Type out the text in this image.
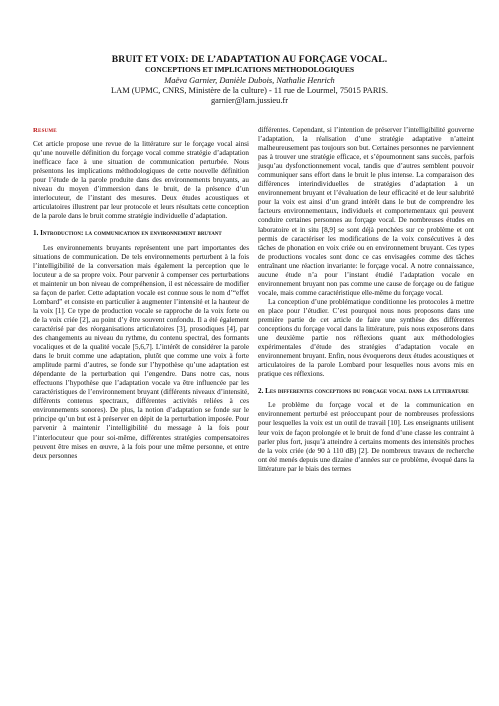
BRUIT ET VOIX: DE L’ADAPTATION AU FORÇAGE VOCAL.
CONCEPTIONS ET IMPLICATIONS METHODOLOGIQUES
Maëva Garnier, Danièle Dubois, Nathalie Henrich
LAM (UPMC, CNRS, Ministère de la culture) - 11 rue de Lourmel, 75015 PARIS.
garnier@lam.jussieu.fr
Resume

Cet article propose une revue de la littérature sur le forçage vocal ainsi qu’une nouvelle définition du forçage vocal comme stratégie d’adaptation inefficace face à une situation de communication perturbée. Nous présentons les implications méthodologiques de cette nouvelle définition pour l’étude de la parole produite dans des environnements bruyants, au niveau du moyen d’immersion dans le bruit, de la présence d’un interlocuteur, de l’instant des mesures. Deux études acoustiques et articulatoires illustrent par leur protocole et leurs résultats cette conception de la parole dans le bruit comme stratégie individuelle d’adaptation.

1. Introduction: la communication en environnement bruyant

Les environnements bruyants représentent une part importantes des situations de communication. De tels environnements perturbent à la fois l’intelligibilité de la conversation mais également la perception que le locuteur a de sa propre voix. Pour parvenir à compenser ces perturbations et maintenir un bon niveau de compréhension, il est nécessaire de modifier sa façon de parler. Cette adaptation vocale est connue sous le nom d’“effet Lombard” et consiste en particulier à augmenter l’intensité et la hauteur de la voix [1]. Ce type de production vocale se rapproche de la voix forte ou de la voix criée [2], au point d’y être souvent confondu. Il a été également caractérisé par des réorganisations articulatoires [3], prosodiques [4], par des changements au niveau du rythme, du contenu spectral, des formants vocaliques et de la qualité vocale [5,6,7]. L’intérêt de considérer la parole dans le bruit comme une adaptation, plutôt que comme une voix à forte amplitude parmi d’autres, se fonde sur l’hypothèse qu’une adaptation est dépendante de la perturbation qui l’engendre. Dans notre cas, nous effectuons l’hypothèse que l’adaptation vocale va être influencée par les caractéristiques de l’environnement bruyant (différents niveaux d’intensité, différents contenus spectraux, différentes activités reliées à ces environnements sonores). De plus, la notion d’adaptation se fonde sur le principe qu’un but est à préserver en dépit de la perturbation imposée. Pour parvenir à maintenir l’intelligibilité du message à la fois pour l’interlocuteur que pour soi-même, différentes stratégies compensatoires peuvent être mises en œuvre, à la fois pour une même personne, et entre deux personnes

différentes. Cependant, si l’intention de préserver l’intelligibilité gouverne l’adaptation, la réalisation d’une stratégie adaptative n’atteint malheureusement pas toujours son but. Certaines personnes ne parviennent pas à trouver une stratégie efficace, et s’époumonnent sans succès, parfois jusqu’au dysfonctionnement vocal, tandis que d’autres semblent pouvoir communiquer sans effort dans le bruit le plus intense. La comparaison des différences interindividuelles de stratégies d’adaptation à un environnement bruyant et l’évaluation de leur efficacité et de leur salubrité pour la voix est ainsi d’un grand intérêt dans le but de comprendre les facteurs environnementaux, individuels et comportementaux qui peuvent conduire certaines personnes au forçage vocal. De nombreuses études en laboratoire et in situ [8,9] se sont déjà penchées sur ce problème et ont permis de caractériser les modifications de la voix consécutives à des tâches de phonation en voix criée ou en environnement bruyant. Ces types de productions vocales sont donc ce cas envisagées comme des tâches entraînant une réaction invariante: le forçage vocal. A notre connaissance, aucune étude n’a pour l’instant étudié l’adaptation vocale en environnement bruyant non pas comme une cause de forçage ou de fatigue vocale, mais comme caractéristique elle-même du forçage vocal.

La conception d’une problématique conditionne les protocoles à mettre en place pour l’étudier. C’est pourquoi nous nous proposons dans une première partie de cet article de faire une synthèse des différentes conceptions du forçage vocal dans la littérature, puis nous exposerons dans une deuxième partie nos réflexions quant aux méthodologies expérimentales d’étude des stratégies d’adaptation vocale en environnement bruyant. Enfin, nous évoquerons deux études acoustiques et articulatoires de la parole Lombard pour lesquelles nous avons mis en pratique ces réflexions.

2. Les differentes conceptions du forçage vocal dans la litterature

Le problème du forçage vocal et de la communication en environnement perturbé est préoccupant pour de nombreuses professions pour lesquelles la voix est un outil de travail [10]. Les enseignants utilisent leur voix de façon prolongée et le bruit de fond d’une classe les contraint à parler plus fort, jusqu’à atteindre à certains moments des intensités proches de la voix criée (de 90 à 110 dB) [2]. De nombreux travaux de recherche ont été menés depuis une dizaine d’années sur ce problème, évoqué dans la littérature par le biais des termes
